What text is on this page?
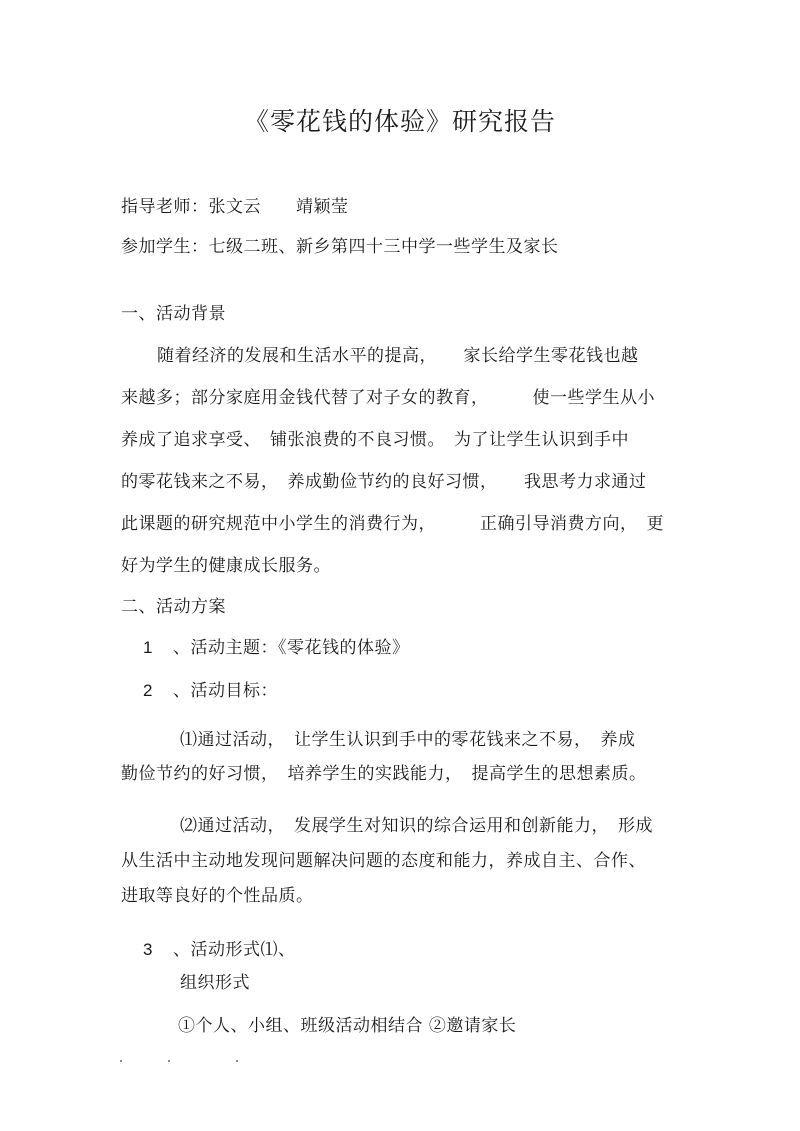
《零花钱的体验》研究报告
指导老师：张文云　　靖颖莹
参加学生：七级二班、新乡第四十三中学一些学生及家长
一、活动背景
随着经济的发展和生活水平的提高，　　家长给学生零花钱也越
来越多；部分家庭用金钱代替了对子女的教育，　　　使一些学生从小
养成了追求享受、　铺张浪费的不良习惯。　为了让学生认识到手中
的零花钱来之不易，　养成勤俭节约的良好习惯，　　我思考力求通过
此课题的研究规范中小学生的消费行为，　　　正确引导消费方向，　更
好为学生的健康成长服务。
二、活动方案
1 、活动主题：《零花钱的体验》
2 、活动目标：
⑴通过活动，　让学生认识到手中的零花钱来之不易，　养成
勤俭节约的好习惯，　培养学生的实践能力，　提高学生的思想素质。
⑵通过活动，　发展学生对知识的综合运用和创新能力，　形成
从生活中主动地发现问题解决问题的态度和能力，养成自主、合作、
进取等良好的个性品质。
3 、活动形式⑴、
组织形式
①个人、小组、班级活动相结合 ②邀请家长
